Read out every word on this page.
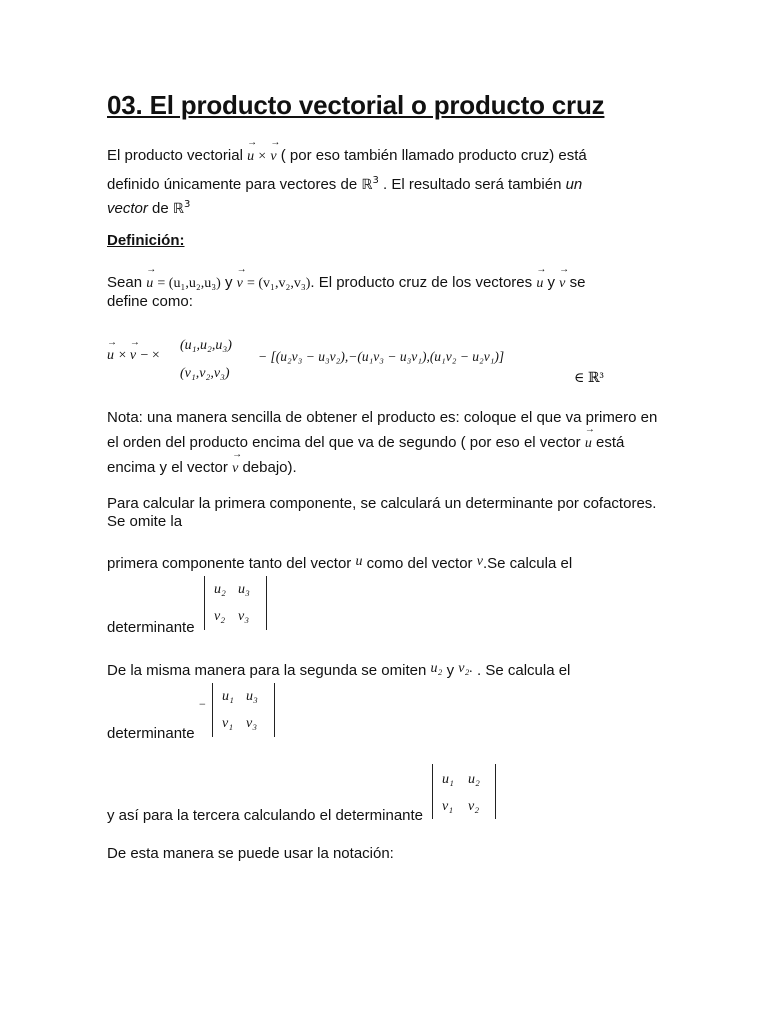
03. El producto vectorial o producto cruz
El producto vectorial u
→
× v
→
( por eso también llamado producto cruz) está
definido únicamente para vectores de ℝ$^3$ . El resultado será también un
vector de ℝ$^3$
Definición:
Sean u
→
= (u₁,u₂,u₃) y v
→
= (v₁,v₂,v₃). El producto cruz de los vectores u
→
y v
→
se
define como:
u
→
× v
→
− ×
(u₁,u₂,u₃)
(v₁,v₂,v₃)
− [(u₂v₃ − u₃v₂),−(u₁v₃ − u₃v₁),(u₁v₂ − u₂v₁)]
∈ ℝ³
Nota: una manera sencilla de obtener el producto es: coloque el que va primero en
el orden del producto encima del que va de segundo ( por eso el vector u
→
está
encima y el vector v
→
debajo).
Para calcular la primera componente, se calculará un determinante por cofactores.
Se omite la
primera componente tanto del vector u como del vector v.Se calcula el
determinante
u₂ u₃
v₂ v₃
De la misma manera para la segunda se omiten u₂ y v₂. . Se calcula el
determinante
− u₁ u₃
v₁ v₃
y así para la tercera calculando el determinante
u₁ u₂
v₁ v₂
De esta manera se puede usar la notación:
